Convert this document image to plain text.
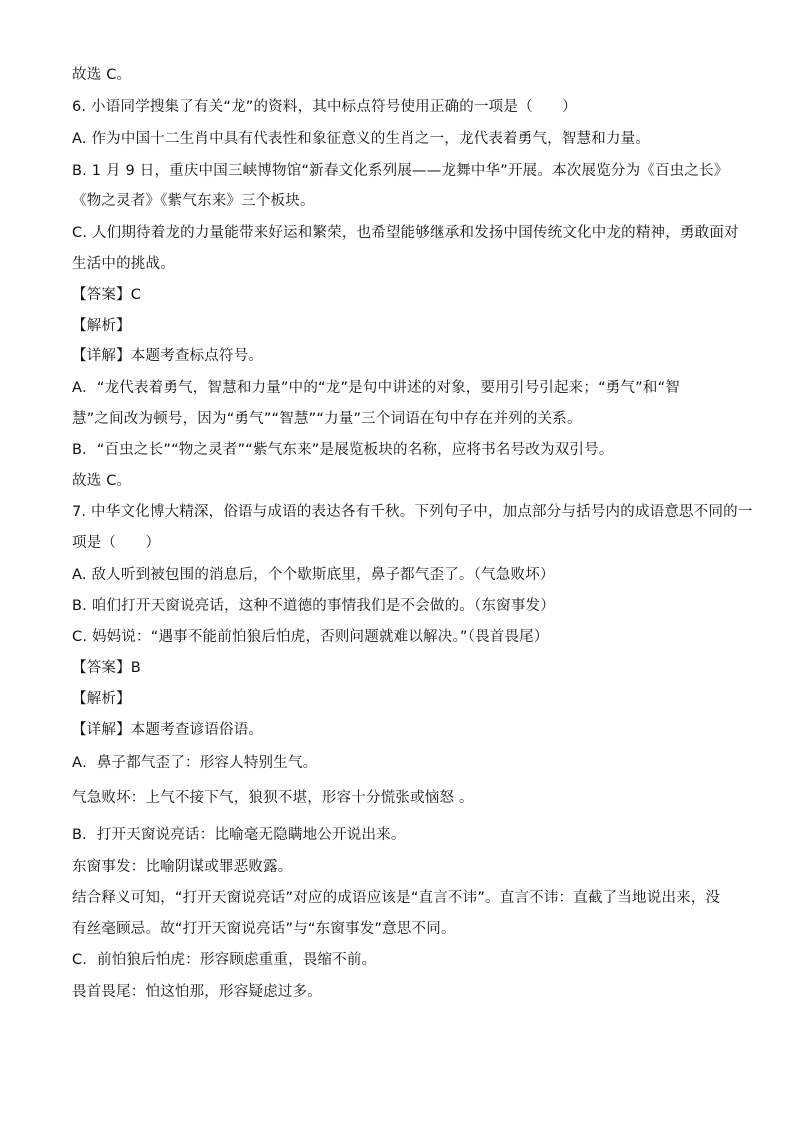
故选 C。
6. 小语同学搜集了有关“龙”的资料，其中标点符号使用正确的一项是（　　）
A. 作为中国十二生肖中具有代表性和象征意义的生肖之一，龙代表着勇气，智慧和力量。
B. 1 月 9 日，重庆中国三峡博物馆“新春文化系列展——龙舞中华”开展。本次展览分为《百虫之长》
《物之灵者》《紫气东来》三个板块。
C. 人们期待着龙的力量能带来好运和繁荣，也希望能够继承和发扬中国传统文化中龙的精神，勇敢面对
生活中的挑战。
【答案】C
【解析】
【详解】本题考查标点符号。
A．“龙代表着勇气，智慧和力量”中的“龙”是句中讲述的对象，要用引号引起来；“勇气”和“智
慧”之间改为顿号，因为“勇气”“智慧”“力量”三个词语在句中存在并列的关系。
B．“百虫之长”“物之灵者”“紫气东来”是展览板块的名称，应将书名号改为双引号。
故选 C。
7. 中华文化博大精深，俗语与成语的表达各有千秋。下列句子中，加点部分与括号内的成语意思不同的一
项是（　　）
A. 敌人听到被包围的消息后，个个歇斯底里，鼻子都气歪了。（气急败坏）
B. 咱们打开天窗说亮话，这种不道德的事情我们是不会做的。（东窗事发）
C. 妈妈说：“遇事不能前怕狼后怕虎，否则问题就难以解决。”（畏首畏尾）
【答案】B
【解析】
【详解】本题考查谚语俗语。
A．鼻子都气歪了：形容人特别生气。
气急败坏：上气不接下气，狼狈不堪，形容十分慌张或恼怒 。
B．打开天窗说亮话：比喻毫无隐瞒地公开说出来。
东窗事发：比喻阴谋或罪恶败露。
结合释义可知，“打开天窗说亮话”对应的成语应该是“直言不讳”。直言不讳：直截了当地说出来，没
有丝毫顾忌。故“打开天窗说亮话”与“东窗事发”意思不同。
C．前怕狼后怕虎：形容顾虑重重，畏缩不前。
畏首畏尾：怕这怕那，形容疑虑过多。
